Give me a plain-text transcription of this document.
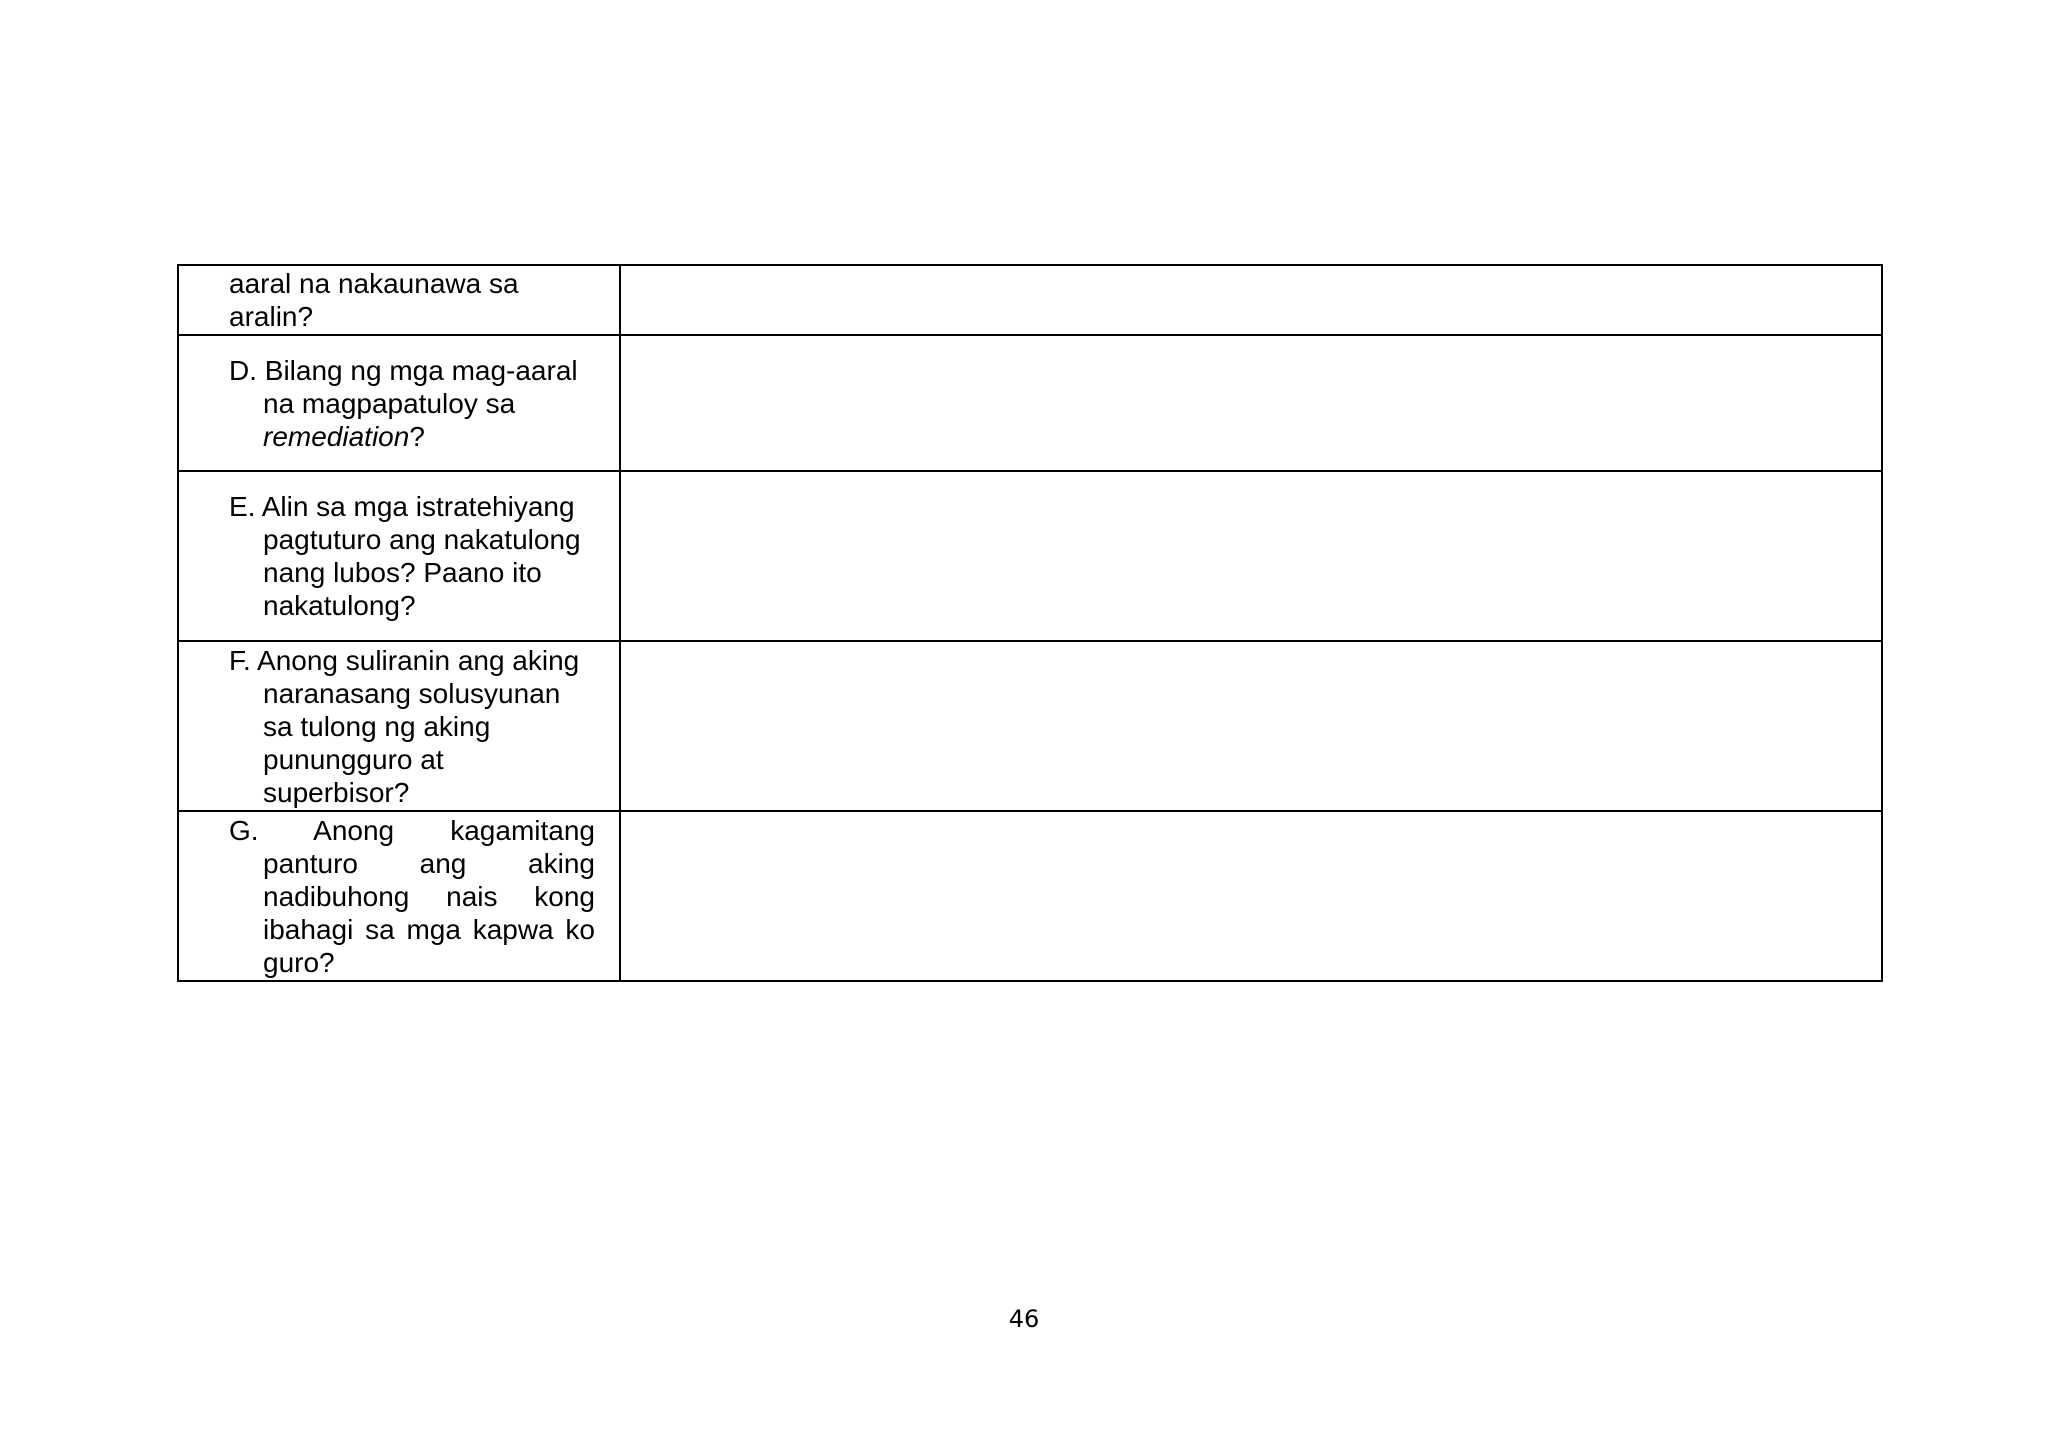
aaral na nakaunawa sa aralin?	

D. Bilang ng mga mag-aaral na magpapatuloy sa remediation?	

E. Alin sa mga istratehiyang pagtuturo ang nakatulong nang lubos? Paano ito nakatulong?	

F. Anong suliranin ang aking naranasang solusyunan sa tulong ng aking punungguro at superbisor?	

G. Anong kagamitang panturo ang aking nadibuhong nais kong ibahagi sa mga kapwa ko guro?	

46
